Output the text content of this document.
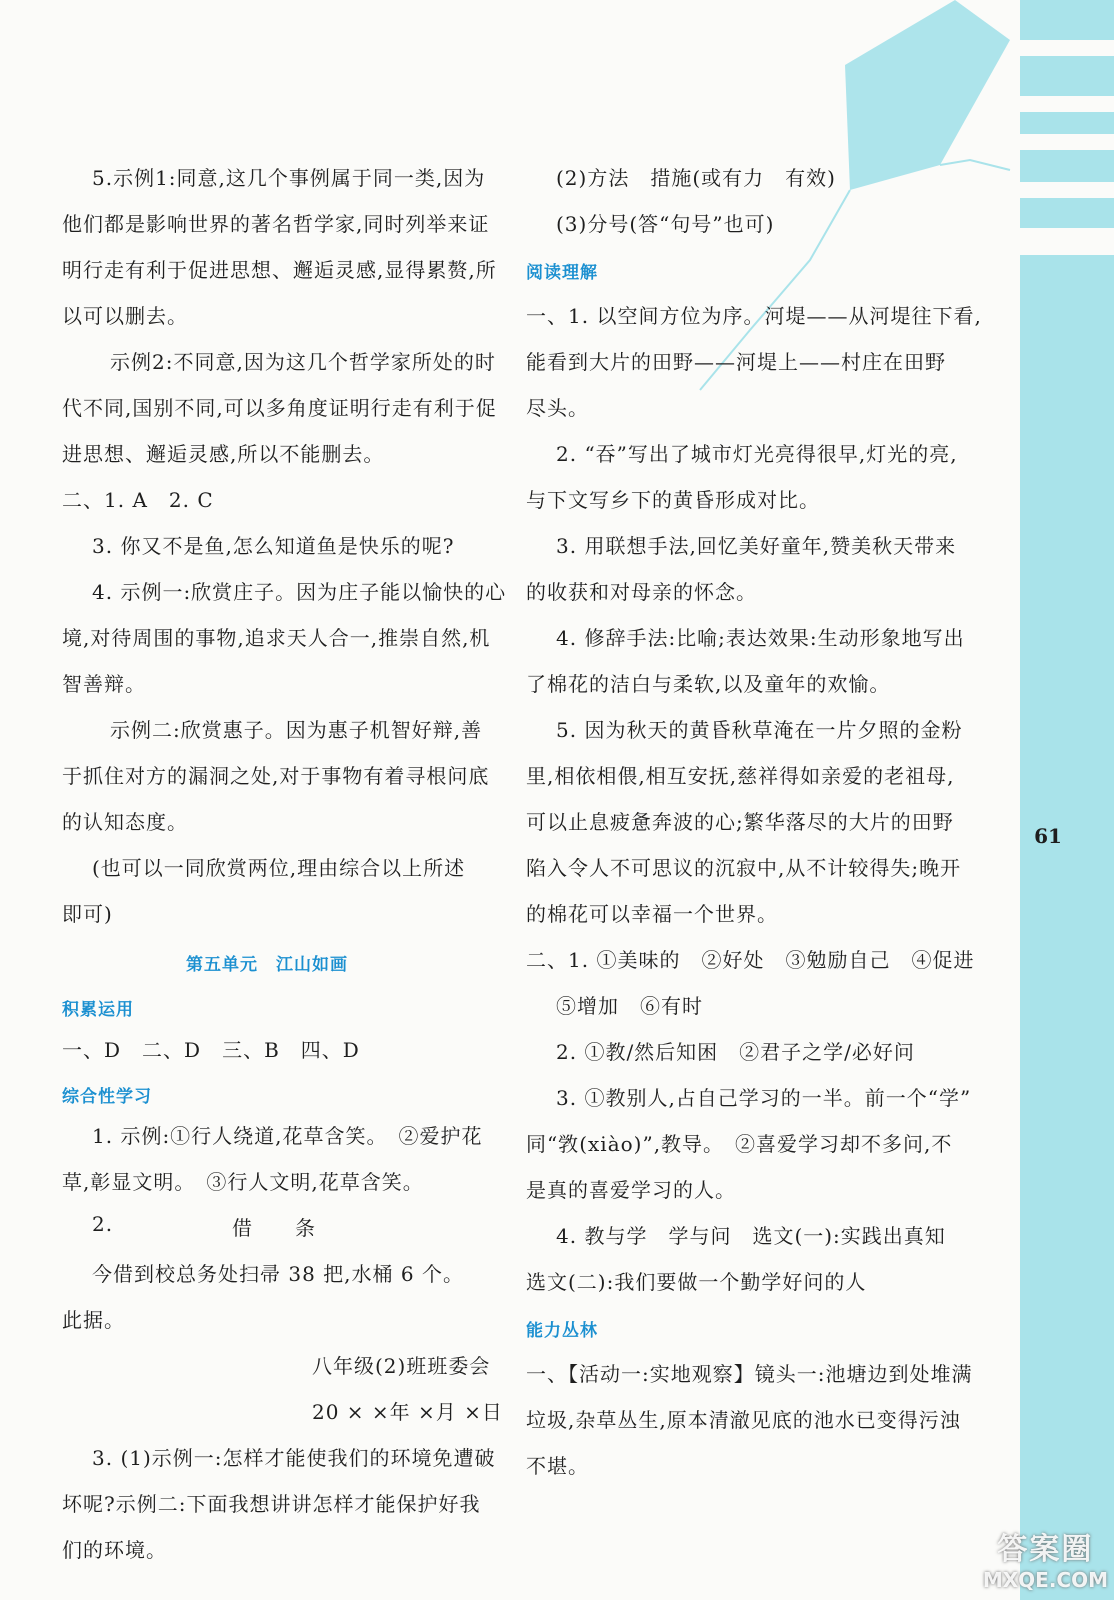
61
5.示例1:同意,这几个事例属于同一类,因为
他们都是影响世界的著名哲学家,同时列举来证
明行走有利于促进思想、邂逅灵感,显得累赘,所
以可以删去。
示例2:不同意,因为这几个哲学家所处的时
代不同,国别不同,可以多角度证明行走有利于促
进思想、邂逅灵感,所以不能删去。
二、1. A　2. C
3. 你又不是鱼,怎么知道鱼是快乐的呢?
4. 示例一:欣赏庄子。因为庄子能以愉快的心
境,对待周围的事物,追求天人合一,推崇自然,机
智善辩。
示例二:欣赏惠子。因为惠子机智好辩,善
于抓住对方的漏洞之处,对于事物有着寻根问底
的认知态度。
(也可以一同欣赏两位,理由综合以上所述
即可)
第五单元　江山如画
积累运用
一、D　二、D　三、B　四、D
综合性学习
1. 示例:①行人绕道,花草含笑。　②爱护花
草,彰显文明。　③行人文明,花草含笑。
2.	借　　条
今借到校总务处扫帚 38 把,水桶 6 个。
此据。
八年级(2)班班委会
20 × ×年 ×月 ×日
3. (1)示例一:怎样才能使我们的环境免遭破
坏呢?示例二:下面我想讲讲怎样才能保护好我
们的环境。
(2)方法　措施(或有力　有效)
(3)分号(答“句号”也可)
阅读理解
一、1. 以空间方位为序。河堤——从河堤往下看,
能看到大片的田野——河堤上——村庄在田野
尽头。
2. “吞”写出了城市灯光亮得很早,灯光的亮,
与下文写乡下的黄昏形成对比。
3. 用联想手法,回忆美好童年,赞美秋天带来
的收获和对母亲的怀念。
4. 修辞手法:比喻;表达效果:生动形象地写出
了棉花的洁白与柔软,以及童年的欢愉。
5. 因为秋天的黄昏秋草淹在一片夕照的金粉
里,相依相偎,相互安抚,慈祥得如亲爱的老祖母,
可以止息疲惫奔波的心;繁华落尽的大片的田野
陷入令人不可思议的沉寂中,从不计较得失;晚开
的棉花可以幸福一个世界。
二、1. ①美味的　②好处　③勉励自己　④促进
⑤增加　⑥有时
2. ①教/然后知困　②君子之学/必好问
3. ①教别人,占自己学习的一半。前一个“学”
同“敩(xiào)”,教导。　②喜爱学习却不多问,不
是真的喜爱学习的人。
4. 教与学　学与问　选文(一):实践出真知
选文(二):我们要做一个勤学好问的人
能力丛林
一、【活动一:实地观察】镜头一:池塘边到处堆满
垃圾,杂草丛生,原本清澈见底的池水已变得污浊
不堪。
答案圈
MXQE.COM
